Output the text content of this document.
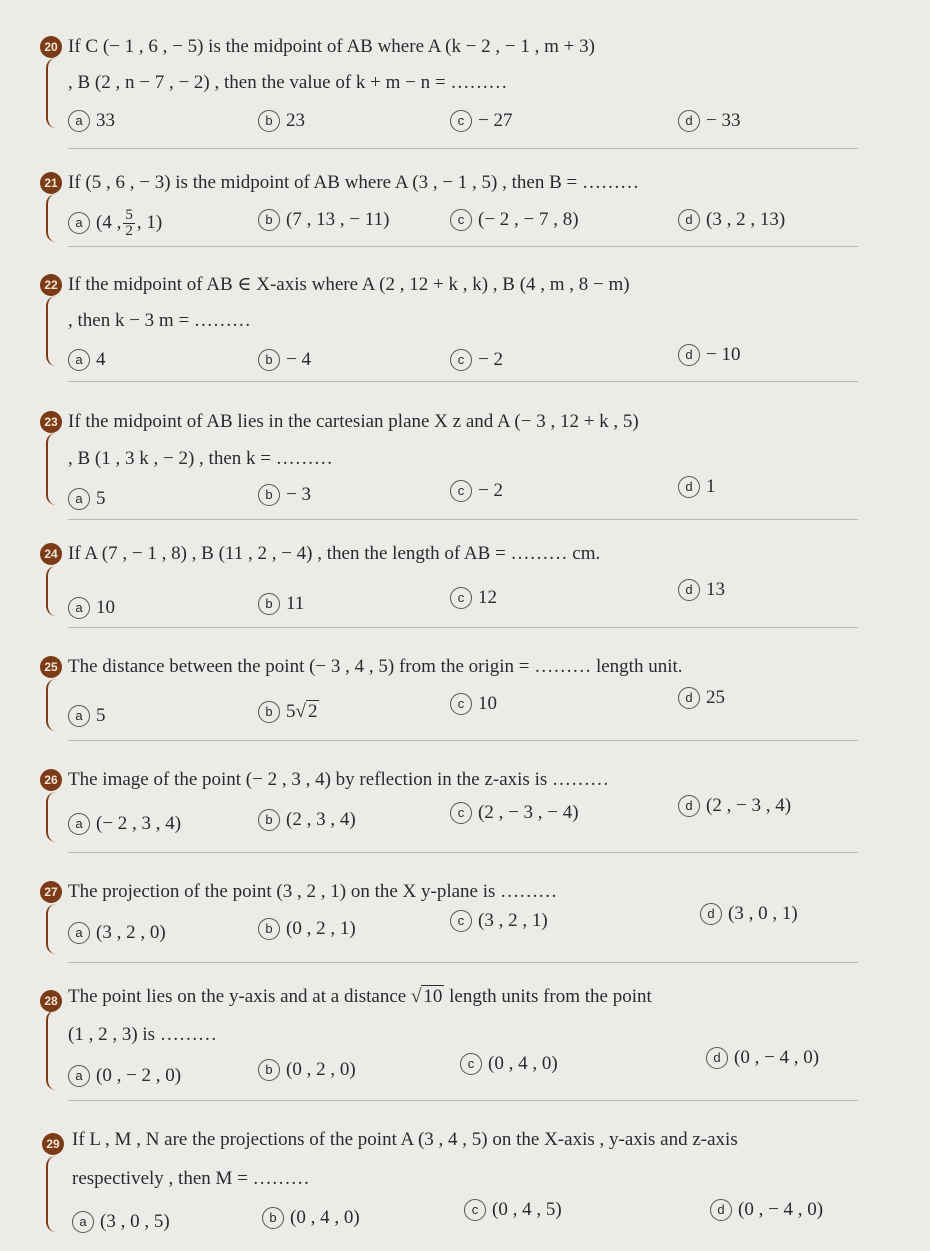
20 If C (− 1 , 6 , − 5) is the midpoint of AB where A (k − 2 , − 1 , m + 3)
, B (2 , n − 7 , − 2) , then the value of k + m − n = ………
a 33	b 23	c − 27	d − 33
21 If (5 , 6 , − 3) is the midpoint of AB where A (3 , − 1 , 5) , then B = ………
a (4 , $\frac{5}{2}$ , 1)	b (7 , 13 , − 11)	c (− 2 , − 7 , 8)	d (3 , 2 , 13)
22 If the midpoint of AB ∈ X-axis where A (2 , 12 + k , k) , B (4 , m , 8 − m)
, then k − 3 m = ………
a 4	b − 4	c − 2	d − 10
23 If the midpoint of AB lies in the cartesian plane X z and A (− 3 , 12 + k , 5)
, B (1 , 3 k , − 2) , then k = ………
a 5	b − 3	c − 2	d 1
24 If A (7 , − 1 , 8) , B (11 , 2 , − 4) , then the length of AB = ……… cm.
a 10	b 11	c 12	d 13
25 The distance between the point (− 3 , 4 , 5) from the origin = ……… length unit.
a 5	b 5√ 2	c 10	d 25
26 The image of the point (− 2 , 3 , 4) by reflection in the z-axis is ………
a (− 2 , 3 , 4)	b (2 , 3 , 4)	c (2 , − 3 , − 4)	d (2 , − 3 , 4)
27 The projection of the point (3 , 2 , 1) on the X y-plane is ………
a (3 , 2 , 0)	b (0 , 2 , 1)	c (3 , 2 , 1)	d (3 , 0 , 1)
28 The point lies on the y-axis and at a distance √ 10 length units from the point
(1 , 2 , 3) is ………
a (0 , − 2 , 0)	b (0 , 2 , 0)	c (0 , 4 , 0)	d (0 , − 4 , 0)
29 If L , M , N are the projections of the point A (3 , 4 , 5) on the X-axis , y-axis and z-axis
respectively , then M = ………
a (3 , 0 , 5)	b (0 , 4 , 0)	c (0 , 4 , 5)	d (0 , − 4 , 0)
